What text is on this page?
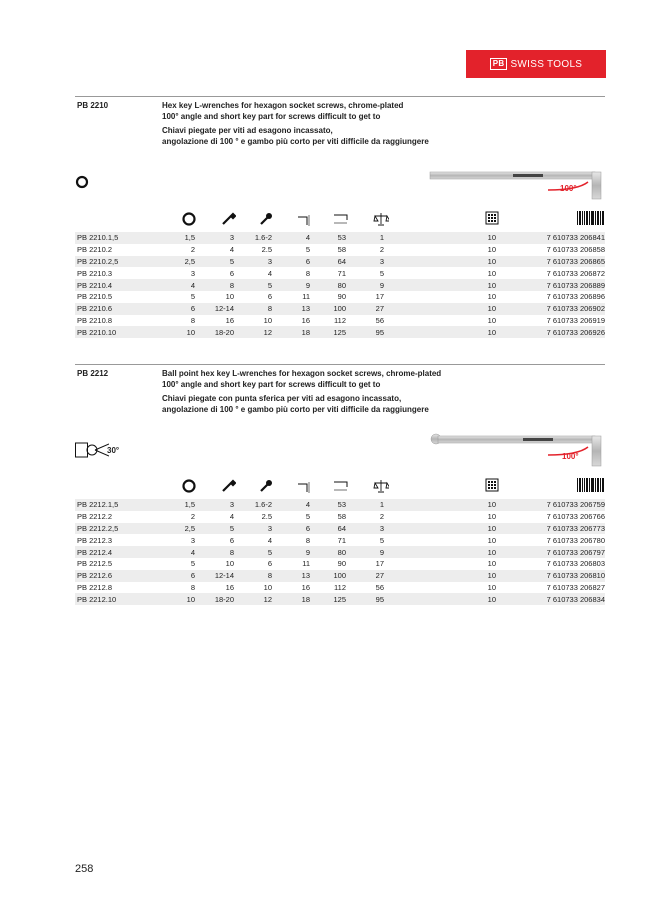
PB SWISS TOOLS
PB 2210	Hex key L-wrenches for hexagon socket screws, chrome-plated

100° angle and short key part for screws difficult to get to

Chiavi piegate per viti ad esagono incassato,

angolazione di 100 ° e gambo più corto per viti difficile da raggiungere

100°
PB 2210.1,5	1,5	3	1.6-2	4	53	1	10	7 610733 206841
PB 2210.2	2	4	2.5	5	58	2	10	7 610733 206858
PB 2210.2,5	2,5	5	3	6	64	3	10	7 610733 206865
PB 2210.3	3	6	4	8	71	5	10	7 610733 206872
PB 2210.4	4	8	5	9	80	9	10	7 610733 206889
PB 2210.5	5	10	6	11	90	17	10	7 610733 206896
PB 2210.6	6	12-14	8	13	100	27	10	7 610733 206902
PB 2210.8	8	16	10	16	112	56	10	7 610733 206919
PB 2210.10	10	18-20	12	18	125	95	10	7 610733 206926
PB 2212	Ball point hex key L-wrenches for hexagon socket screws, chrome-plated

100° angle and short key part for screws difficult to get to

Chiavi piegate con punta sferica per viti ad esagono incassato,

angolazione di 100 ° e gambo più corto per viti difficile da raggiungere

30°
100°
PB 2212.1,5	1,5	3	1.6-2	4	53	1	10	7 610733 206759
PB 2212.2	2	4	2.5	5	58	2	10	7 610733 206766
PB 2212.2,5	2,5	5	3	6	64	3	10	7 610733 206773
PB 2212.3	3	6	4	8	71	5	10	7 610733 206780
PB 2212.4	4	8	5	9	80	9	10	7 610733 206797
PB 2212.5	5	10	6	11	90	17	10	7 610733 206803
PB 2212.6	6	12-14	8	13	100	27	10	7 610733 206810
PB 2212.8	8	16	10	16	112	56	10	7 610733 206827
PB 2212.10	10	18-20	12	18	125	95	10	7 610733 206834
258
